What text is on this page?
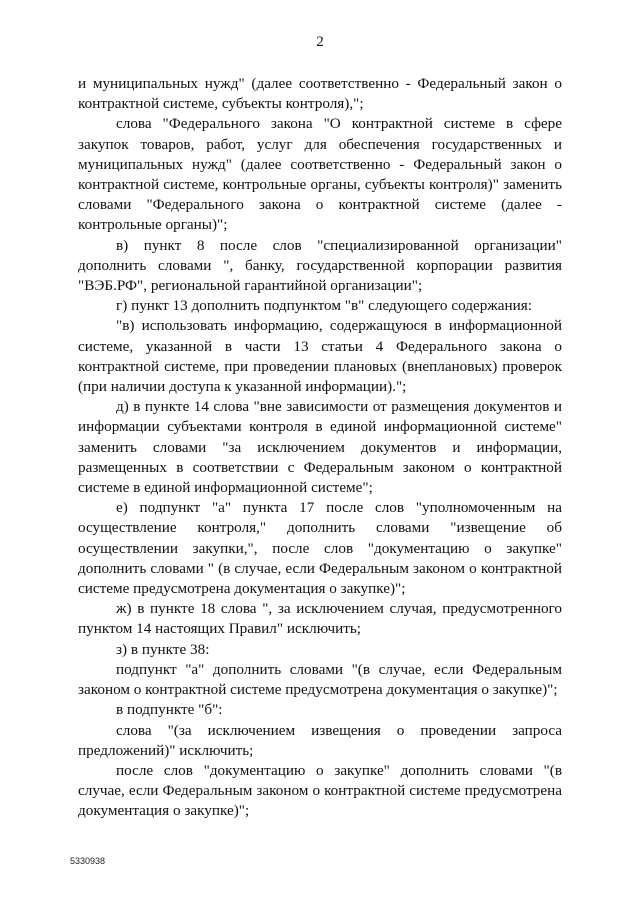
2

и муниципальных нужд" (далее соответственно - Федеральный закон о контрактной системе, субъекты контроля),";

слова "Федерального закона "О контрактной системе в сфере закупок товаров, работ, услуг для обеспечения государственных и муниципальных нужд" (далее соответственно - Федеральный закон о контрактной системе, контрольные органы, субъекты контроля)" заменить словами "Федерального закона о контрактной системе (далее - контрольные органы)";

в) пункт 8 после слов "специализированной организации" дополнить словами ", банку, государственной корпорации развития "ВЭБ.РФ", региональной гарантийной организации";

г) пункт 13 дополнить подпунктом "в" следующего содержания:

"в) использовать информацию, содержащуюся в информационной системе, указанной в части 13 статьи 4 Федерального закона о контрактной системе, при проведении плановых (внеплановых) проверок (при наличии доступа к указанной информации).";

д) в пункте 14 слова "вне зависимости от размещения документов и информации субъектами контроля в единой информационной системе" заменить словами "за исключением документов и информации, размещенных в соответствии с Федеральным законом о контрактной системе в единой информационной системе";

е) подпункт "а" пункта 17 после слов "уполномоченным на осуществление контроля," дополнить словами "извещение об осуществлении закупки,", после слов "документацию о закупке" дополнить словами " (в случае, если Федеральным законом о контрактной системе предусмотрена документация о закупке)";

ж) в пункте 18 слова ", за исключением случая, предусмотренного пунктом 14 настоящих Правил" исключить;

з) в пункте 38:

подпункт "а" дополнить словами "(в случае, если Федеральным законом о контрактной системе предусмотрена документация о закупке)";

в подпункте "б":

слова "(за исключением извещения о проведении запроса предложений)" исключить;

после слов "документацию о закупке" дополнить словами "(в случае, если Федеральным законом о контрактной системе предусмотрена документация о закупке)";

5330938
